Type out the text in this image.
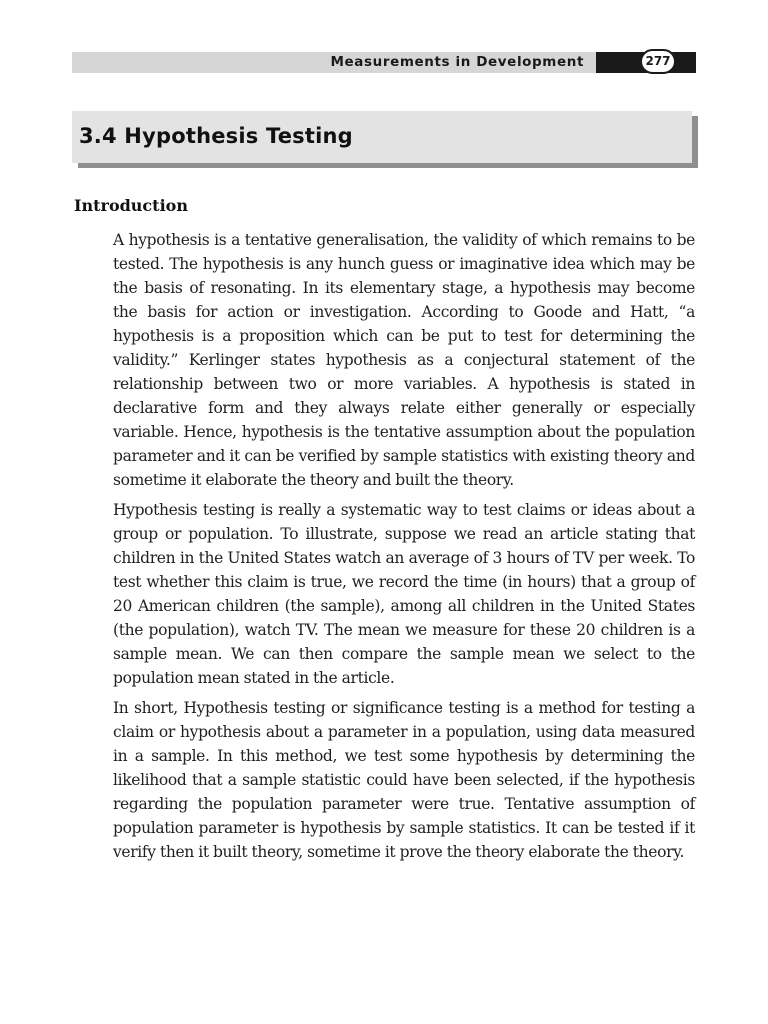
Measurements in Development	277
3.4 Hypothesis Testing
Introduction

A hypothesis is a tentative generalisation, the validity of which remains to be tested. The hypothesis is any hunch guess or imaginative idea which may be the basis of resonating. In its elementary stage, a hypothesis may become the basis for action or investigation. According to Goode and Hatt, “a hypothesis is a proposition which can be put to test for determining the validity.” Kerlinger states hypothesis as a conjectural statement of the relationship between two or more variables. A hypothesis is stated in declarative form and they always relate either generally or especially variable. Hence, hypothesis is the tentative assumption about the population parameter and it can be verified by sample statistics with existing theory and sometime it elaborate the theory and built the theory.

Hypothesis testing is really a systematic way to test claims or ideas about a group or population. To illustrate, suppose we read an article stating that children in the United States watch an average of 3 hours of TV per week. To test whether this claim is true, we record the time (in hours) that a group of 20 American children (the sample), among all children in the United States (the population), watch TV. The mean we measure for these 20 children is a sample mean. We can then compare the sample mean we select to the population mean stated in the article.

In short, Hypothesis testing or significance testing is a method for testing a claim or hypothesis about a parameter in a population, using data measured in a sample. In this method, we test some hypothesis by determining the likelihood that a sample statistic could have been selected, if the hypothesis regarding the population parameter were true. Tentative assumption of population parameter is hypothesis by sample statistics. It can be tested if it verify then it built theory, sometime it prove the theory elaborate the theory.
